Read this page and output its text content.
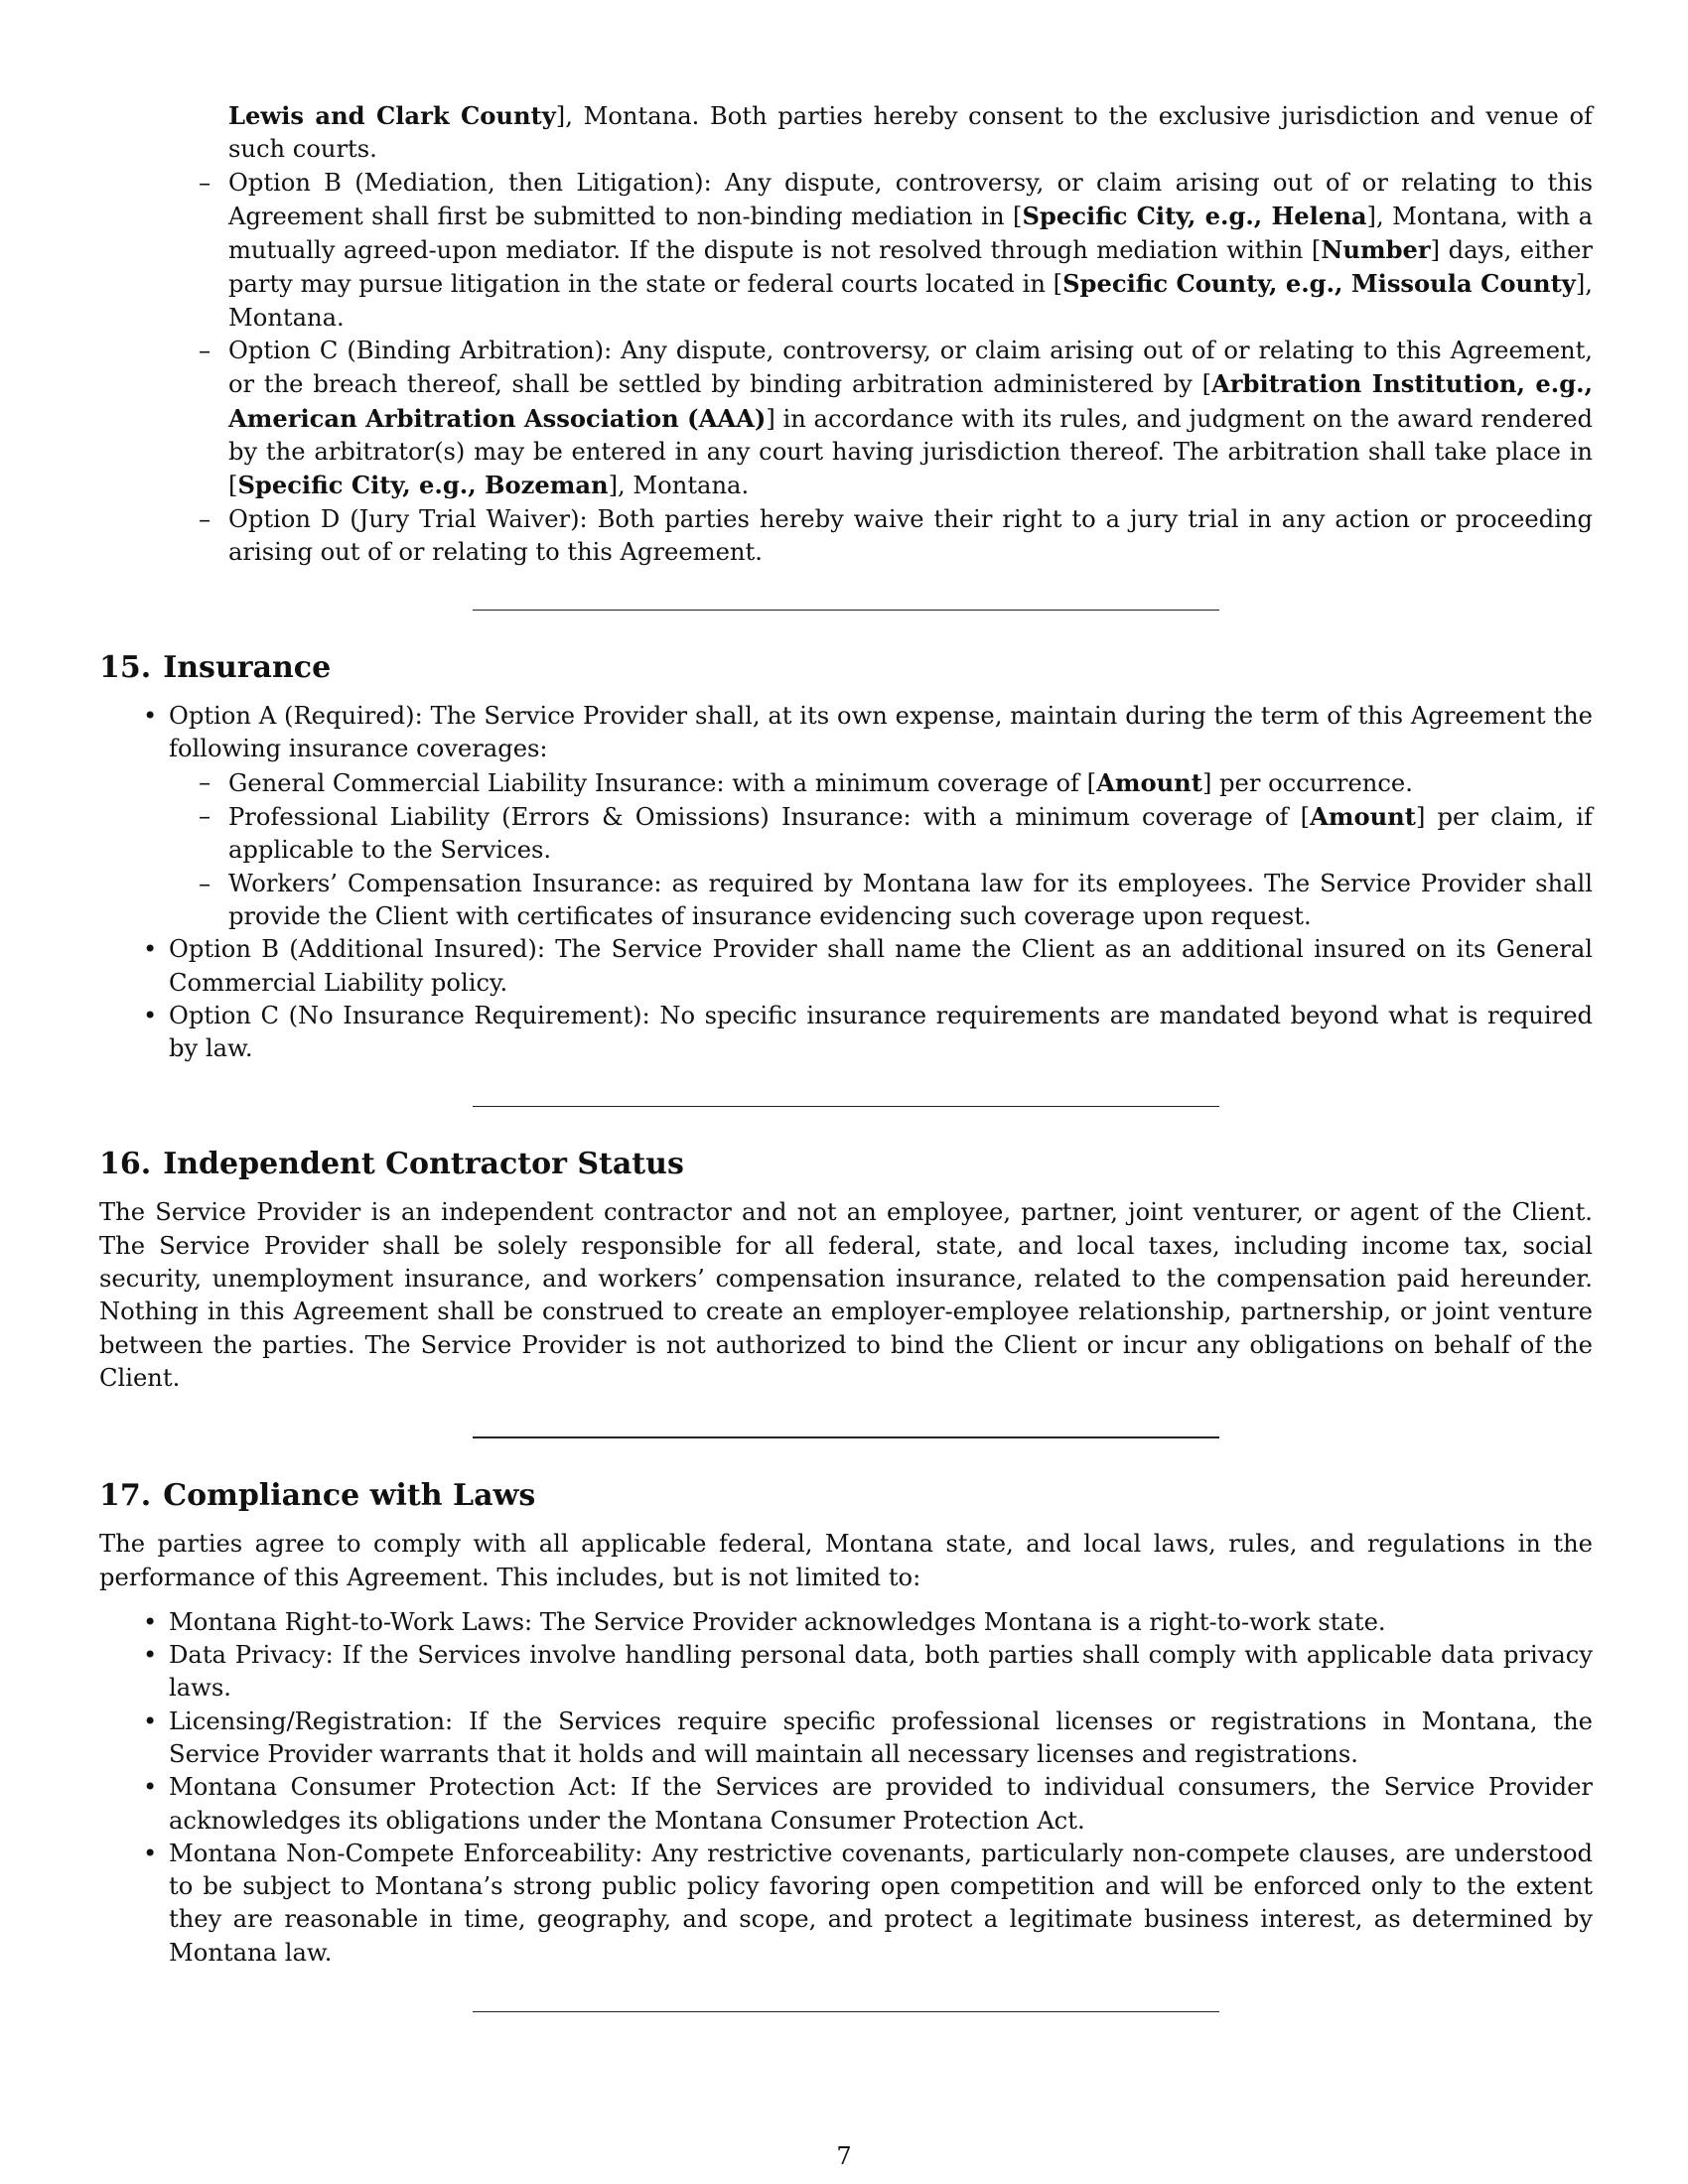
Lewis and Clark County], Montana. Both parties hereby consent to the exclusive jurisdiction and venue of such courts.

– Option B (Mediation, then Litigation): Any dispute, controversy, or claim arising out of or relating to this Agreement shall first be submitted to non-binding mediation in [Specific City, e.g., Helena], Montana, with a mutually agreed-upon mediator. If the dispute is not resolved through mediation within [Number] days, either party may pursue litigation in the state or federal courts located in [Specific County, e.g., Missoula County], Montana.
– Option C (Binding Arbitration): Any dispute, controversy, or claim arising out of or relating to this Agreement, or the breach thereof, shall be settled by binding arbitration administered by [Arbitration Institution, e.g., American Arbitration Association (AAA)] in accordance with its rules, and judgment on the award rendered by the arbitrator(s) may be entered in any court having jurisdiction thereof. The arbitration shall take place in [Specific City, e.g., Bozeman], Montana.
– Option D (Jury Trial Waiver): Both parties hereby waive their right to a jury trial in any action or proceeding arising out of or relating to this Agreement.
15. Insurance
• Option A (Required): The Service Provider shall, at its own expense, maintain during the term of this Agreement the following insurance coverages:
– General Commercial Liability Insurance: with a minimum coverage of [Amount] per occurrence.
– Professional Liability (Errors & Omissions) Insurance: with a minimum coverage of [Amount] per claim, if applicable to the Services.
– Workers’ Compensation Insurance: as required by Montana law for its employees. The Service Provider shall provide the Client with certificates of insurance evidencing such coverage upon request.
• Option B (Additional Insured): The Service Provider shall name the Client as an additional insured on its General Commercial Liability policy.
• Option C (No Insurance Requirement): No specific insurance requirements are mandated beyond what is required by law.
16. Independent Contractor Status

The Service Provider is an independent contractor and not an employee, partner, joint venturer, or agent of the Client. The Service Provider shall be solely responsible for all federal, state, and local taxes, including income tax, social security, unemployment insurance, and workers’ compensation insurance, related to the compensation paid hereunder. Nothing in this Agreement shall be construed to create an employer-employee relationship, partnership, or joint venture between the parties. The Service Provider is not authorized to bind the Client or incur any obligations on behalf of the Client.

17. Compliance with Laws

The parties agree to comply with all applicable federal, Montana state, and local laws, rules, and regulations in the performance of this Agreement. This includes, but is not limited to:

• Montana Right-to-Work Laws: The Service Provider acknowledges Montana is a right-to-work state.
• Data Privacy: If the Services involve handling personal data, both parties shall comply with applicable data privacy laws.
• Licensing/Registration: If the Services require specific professional licenses or registrations in Montana, the Service Provider warrants that it holds and will maintain all necessary licenses and registrations.
• Montana Consumer Protection Act: If the Services are provided to individual consumers, the Service Provider acknowledges its obligations under the Montana Consumer Protection Act.
• Montana Non-Compete Enforceability: Any restrictive covenants, particularly non-compete clauses, are understood to be subject to Montana’s strong public policy favoring open competition and will be enforced only to the extent they are reasonable in time, geography, and scope, and protect a legitimate business interest, as determined by Montana law.
7
